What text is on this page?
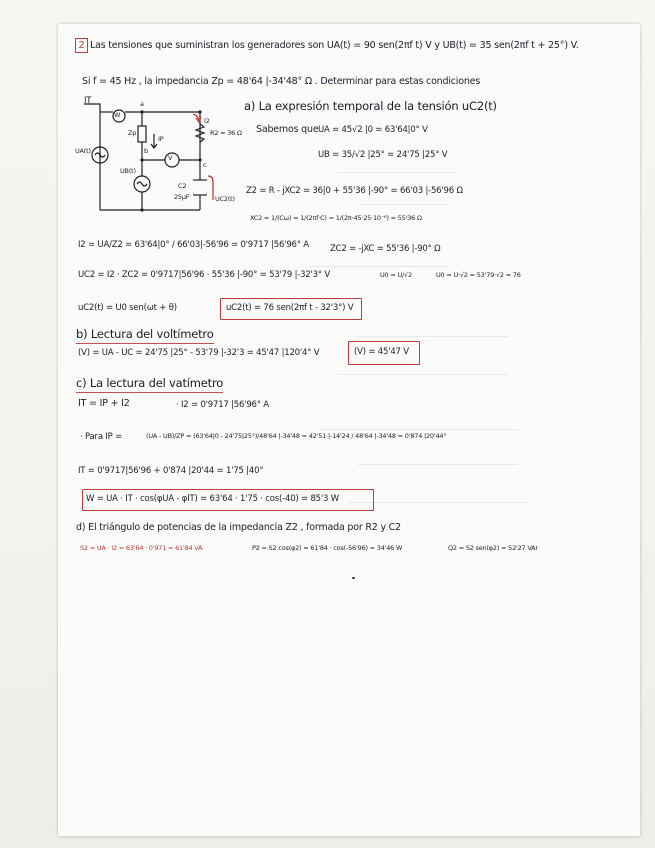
2 Las tensiones que suministran los generadores son UA(t) = 90 sen(2πf t) V y UB(t) = 35 sen(2πf t + 25°) V.
Si f = 45 Hz , la impedancia Zp = 48'64 |-34'48° Ω . Determinar para estas condiciones
IT
W
UA(t)
UB(t)
Zp
IP
I2
R2 = 36 Ω
V
b
a
c
C2
25μF	UC2(t)
a) La expresión temporal de la tensión uC2(t)
Sabemos que UA = 45√2 |0 = 63'64|0° V
UB = 35/√2 |25° = 24'75 |25° V
Z2 = R - jXC2 = 36|0 + 55'36 |-90° = 66'03 |-56'96 Ω
XC2 = 1/(Cω) = 1/(2πf·C) = 1/(2π·45·25·10⁻⁶) = 55'36 Ω
I2 = UA/Z2 = 63'64|0° / 66'03|-56'96 = 0'9717 |56'96° A ZC2 = -jXC = 55'36 |-90° Ω
UC2 = I2 · ZC2 = 0'9717|56'96 · 55'36 |-90° = 53'79 |-32'3° V	U0 = U/√2	U0 = U·√2 = 53'79·√2 = 76
uC2(t) = U0 sen(ωt + θ)	uC2(t) = 76 sen(2πf t - 32'3°) V
b) Lectura del voltímetro
(V) = UA - UC = 24'75 |25° - 53'79 |-32'3 = 45'47 |120'4° V	(V) = 45'47 V
c) La lectura del vatímetro
IT = IP + I2	· I2 = 0'9717 |56'96° A
· Para IP =	(UA - UB)/ZP = (63'64|0 - 24'75|25°)/48'64 |-34'48 = 42'51 |-14'24 / 48'64 |-34'48 = 0'874 |20'44°
IT = 0'9717|56'96 + 0'874 |20'44 = 1'75 |40°
W = UA · IT · cos(φUA - φIT) = 63'64 · 1'75 · cos(-40) = 85'3 W
d) El triángulo de potencias de la impedancia Z2 , formada por R2 y C2
S2 = UA · I2 = 63'64 · 0'971 = 61'84 VA	P2 = S2 cos(φ2) = 61'84 · cos(-56'96) = 34'46 W	Q2 = S2 sen(φ2) = 52'27 VAr
